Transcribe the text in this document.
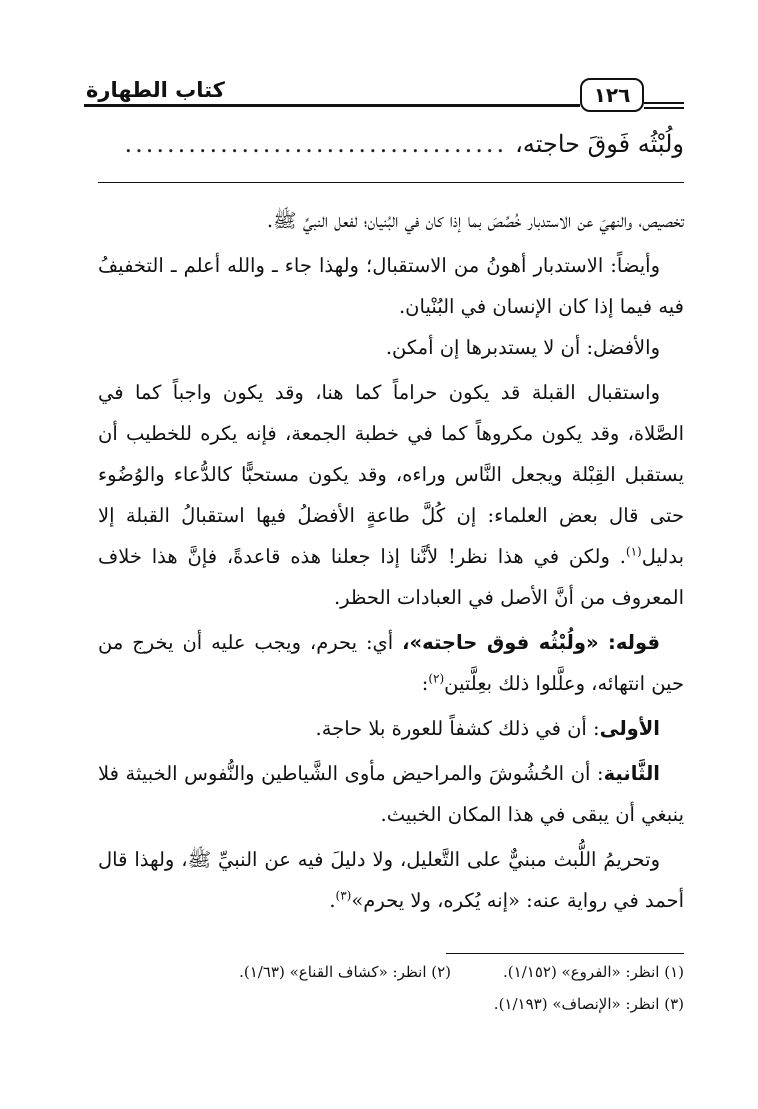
كتاب الطهارة	١٢٦
ولُبْثُه فَوقَ حاجته،
....................................

تخصيص، والنهيَ عن الاستدبار خُصِّصَ بما إذا كان في البُنيان؛ لفعل النبيِّ ﷺ.

وأيضاً: الاستدبار أهونُ من الاستقبال؛ ولهذا جاء ـ والله أعلم ـ التخفيفُ فيه فيما إذا كان الإنسان في البُنْيان.

والأفضل: أن لا يستدبرها إن أمكن.

واستقبال القبلة قد يكون حراماً كما هنا، وقد يكون واجباً كما في الصَّلاة، وقد يكون مكروهاً كما في خطبة الجمعة، فإنه يكره للخطيب أن يستقبل القِبْلة ويجعل النَّاس وراءه، وقد يكون مستحبًّا كالدُّعاء والوُضُوء حتى قال بعض العلماء: إن كُلَّ طاعةٍ الأفضلُ فيها استقبالُ القبلة إلا بدليل$^{(١)}$. ولكن في هذا نظر! لأنَّنا إذا جعلنا هذه قاعدةً، فإنَّ هذا خلاف المعروف من أنَّ الأصل في العبادات الحظر.

قوله: «ولُبْثُه فوق حاجته»، أي: يحرم، ويجب عليه أن يخرج من حين انتهائه، وعلَّلوا ذلك بعِلَّتين$^{(٢)}$:

الأولى: أن في ذلك كشفاً للعورة بلا حاجة.

الثَّانية: أن الحُشُوشَ والمراحيض مأوى الشَّياطين والنُّفوس الخبيثة فلا ينبغي أن يبقى في هذا المكان الخبيث.

وتحريمُ اللُّبث مبنيٌّ على التَّعليل، ولا دليلَ فيه عن النبيِّ ﷺ، ولهذا قال أحمد في رواية عنه: «إنه يُكره، ولا يحرم»$^{(٣)}$.

(١) انظر: «الفروع» (١/١٥٢).(٢) انظر: «كشاف القناع» (١/٦٣).
(٣) انظر: «الإنصاف» (١/١٩٣).
